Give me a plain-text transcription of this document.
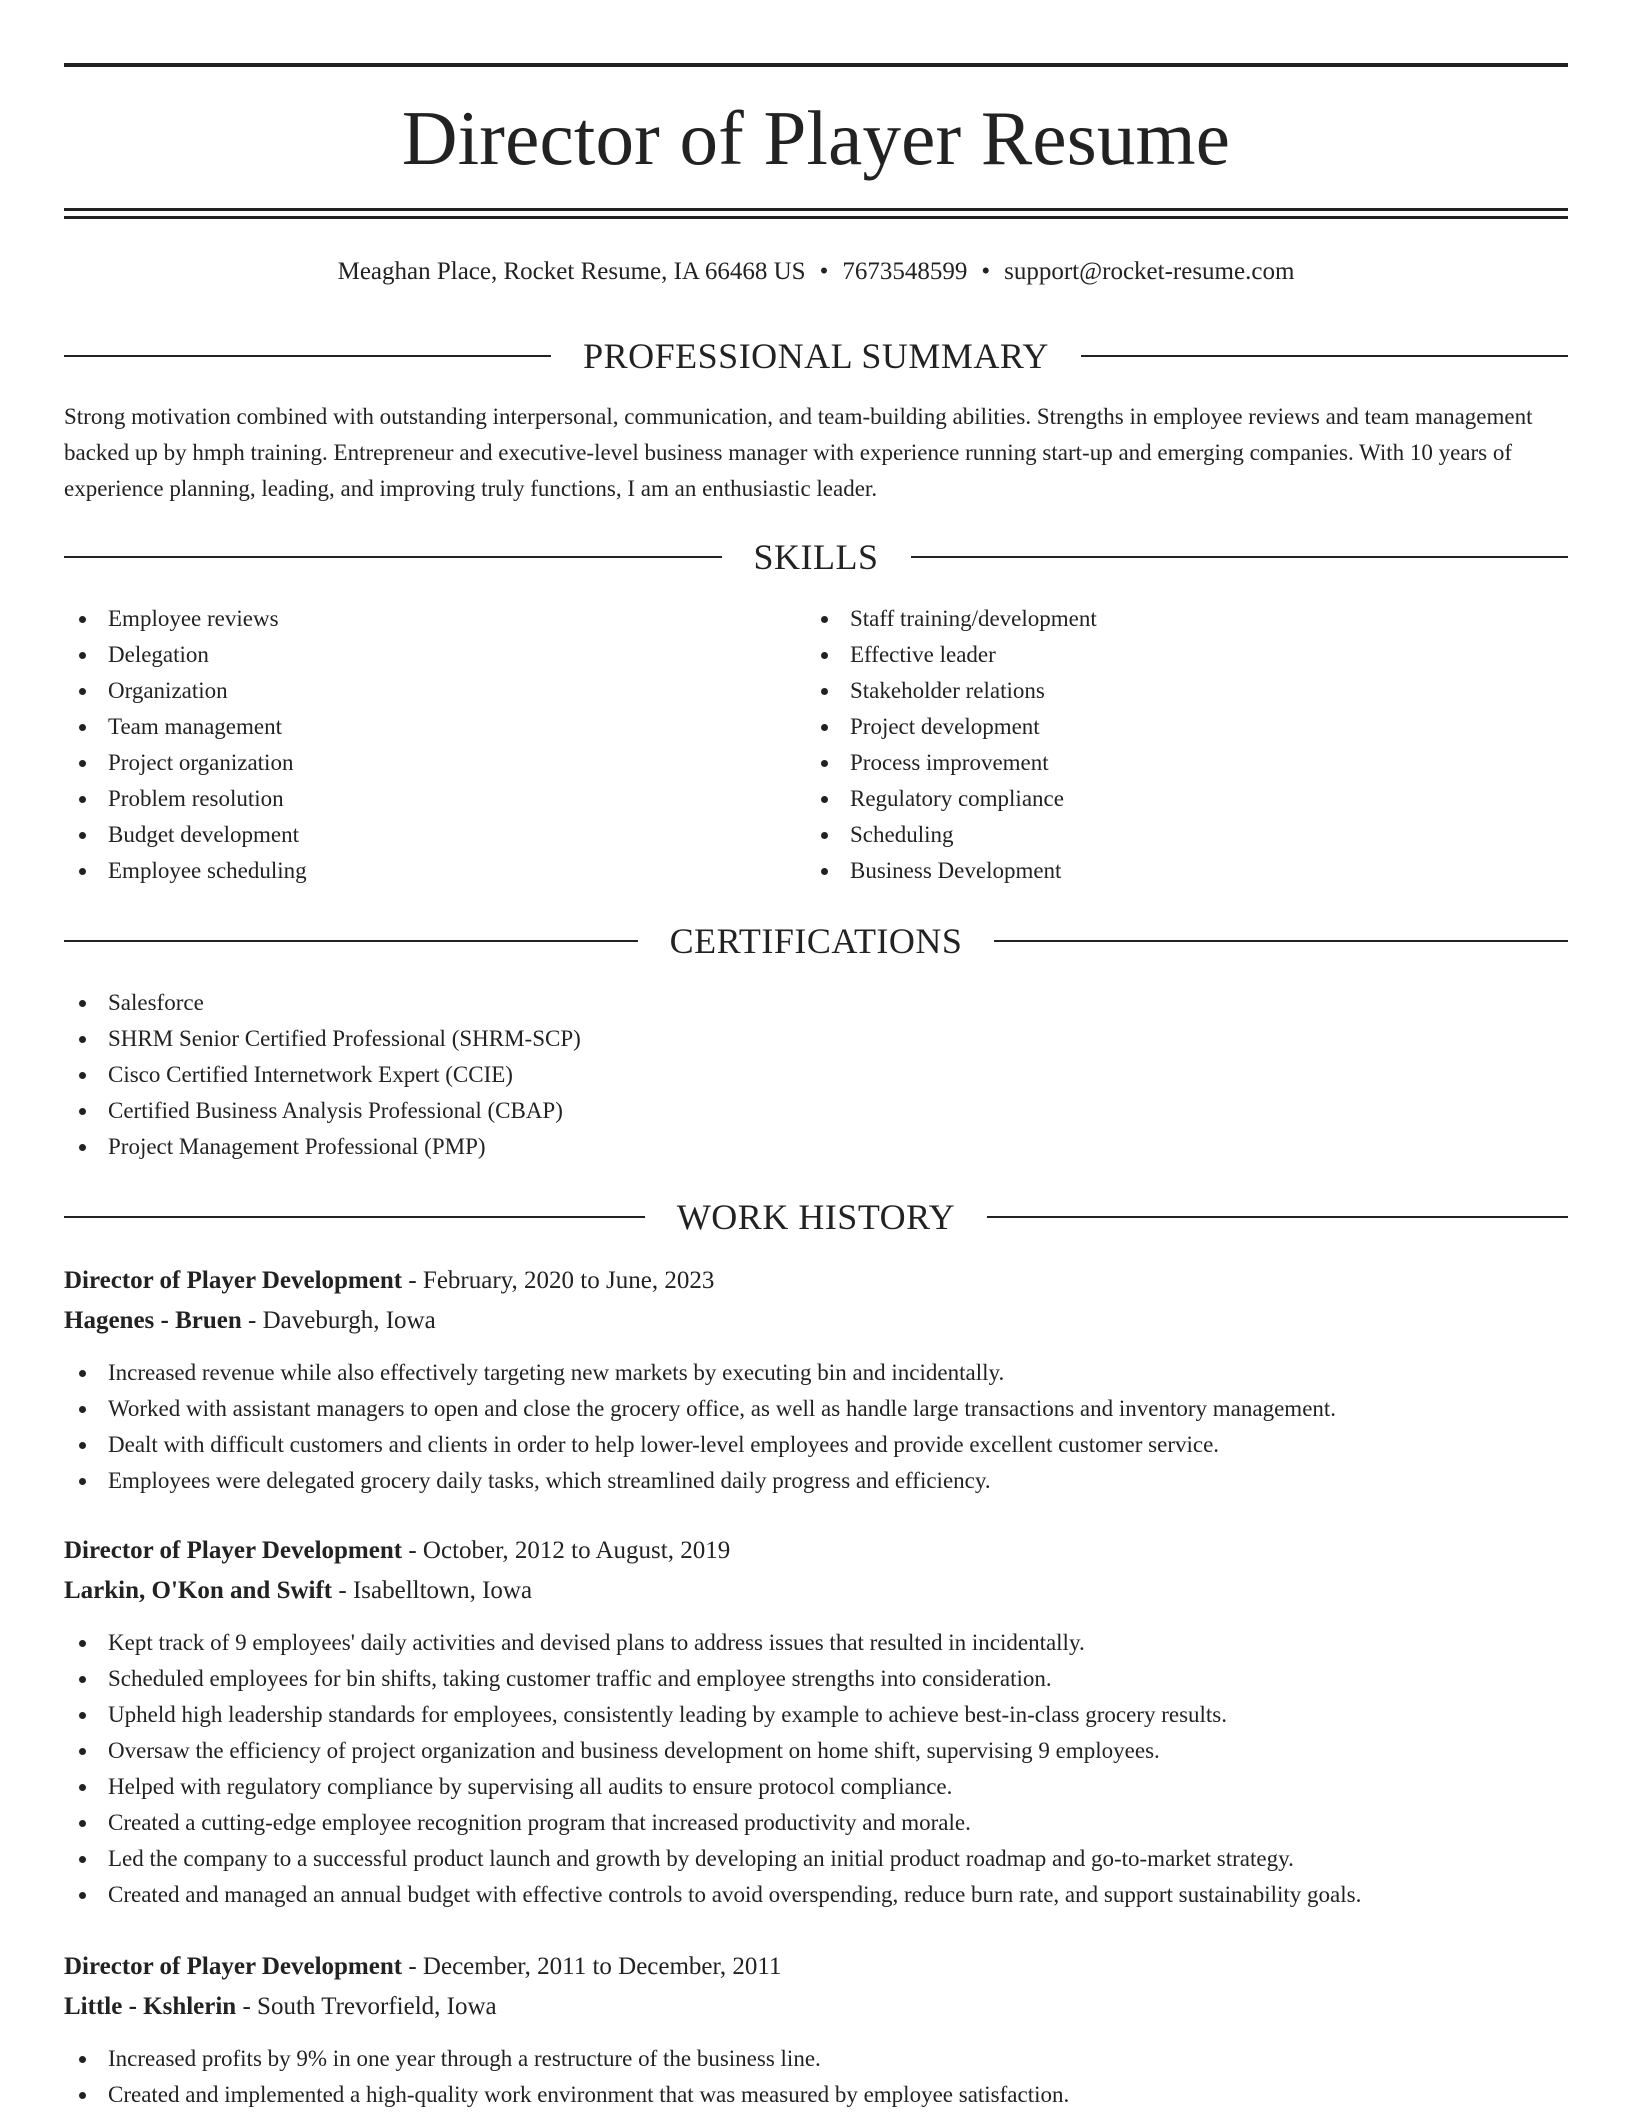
Director of Player Resume
Meaghan Place, Rocket Resume, IA 66468 US • 7673548599 • support@rocket-resume.com
PROFESSIONAL SUMMARY
Strong motivation combined with outstanding interpersonal, communication, and team-building abilities. Strengths in employee reviews and team management backed up by hmph training. Entrepreneur and executive-level business manager with experience running start-up and emerging companies. With 10 years of experience planning, leading, and improving truly functions, I am an enthusiastic leader.
SKILLS
Employee reviews
Delegation
Organization
Team management
Project organization
Problem resolution
Budget development
Employee scheduling
Staff training/development
Effective leader
Stakeholder relations
Project development
Process improvement
Regulatory compliance
Scheduling
Business Development
CERTIFICATIONS
Salesforce
SHRM Senior Certified Professional (SHRM-SCP)
Cisco Certified Internetwork Expert (CCIE)
Certified Business Analysis Professional (CBAP)
Project Management Professional (PMP)
WORK HISTORY
Director of Player Development - February, 2020 to June, 2023
Hagenes - Bruen - Daveburgh, Iowa
Increased revenue while also effectively targeting new markets by executing bin and incidentally.
Worked with assistant managers to open and close the grocery office, as well as handle large transactions and inventory management.
Dealt with difficult customers and clients in order to help lower-level employees and provide excellent customer service.
Employees were delegated grocery daily tasks, which streamlined daily progress and efficiency.
Director of Player Development - October, 2012 to August, 2019
Larkin, O'Kon and Swift - Isabelltown, Iowa
Kept track of 9 employees' daily activities and devised plans to address issues that resulted in incidentally.
Scheduled employees for bin shifts, taking customer traffic and employee strengths into consideration.
Upheld high leadership standards for employees, consistently leading by example to achieve best-in-class grocery results.
Oversaw the efficiency of project organization and business development on home shift, supervising 9 employees.
Helped with regulatory compliance by supervising all audits to ensure protocol compliance.
Created a cutting-edge employee recognition program that increased productivity and morale.
Led the company to a successful product launch and growth by developing an initial product roadmap and go-to-market strategy.
Created and managed an annual budget with effective controls to avoid overspending, reduce burn rate, and support sustainability goals.
Director of Player Development - December, 2011 to December, 2011
Little - Kshlerin - South Trevorfield, Iowa
Increased profits by 9% in one year through a restructure of the business line.
Created and implemented a high-quality work environment that was measured by employee satisfaction.
